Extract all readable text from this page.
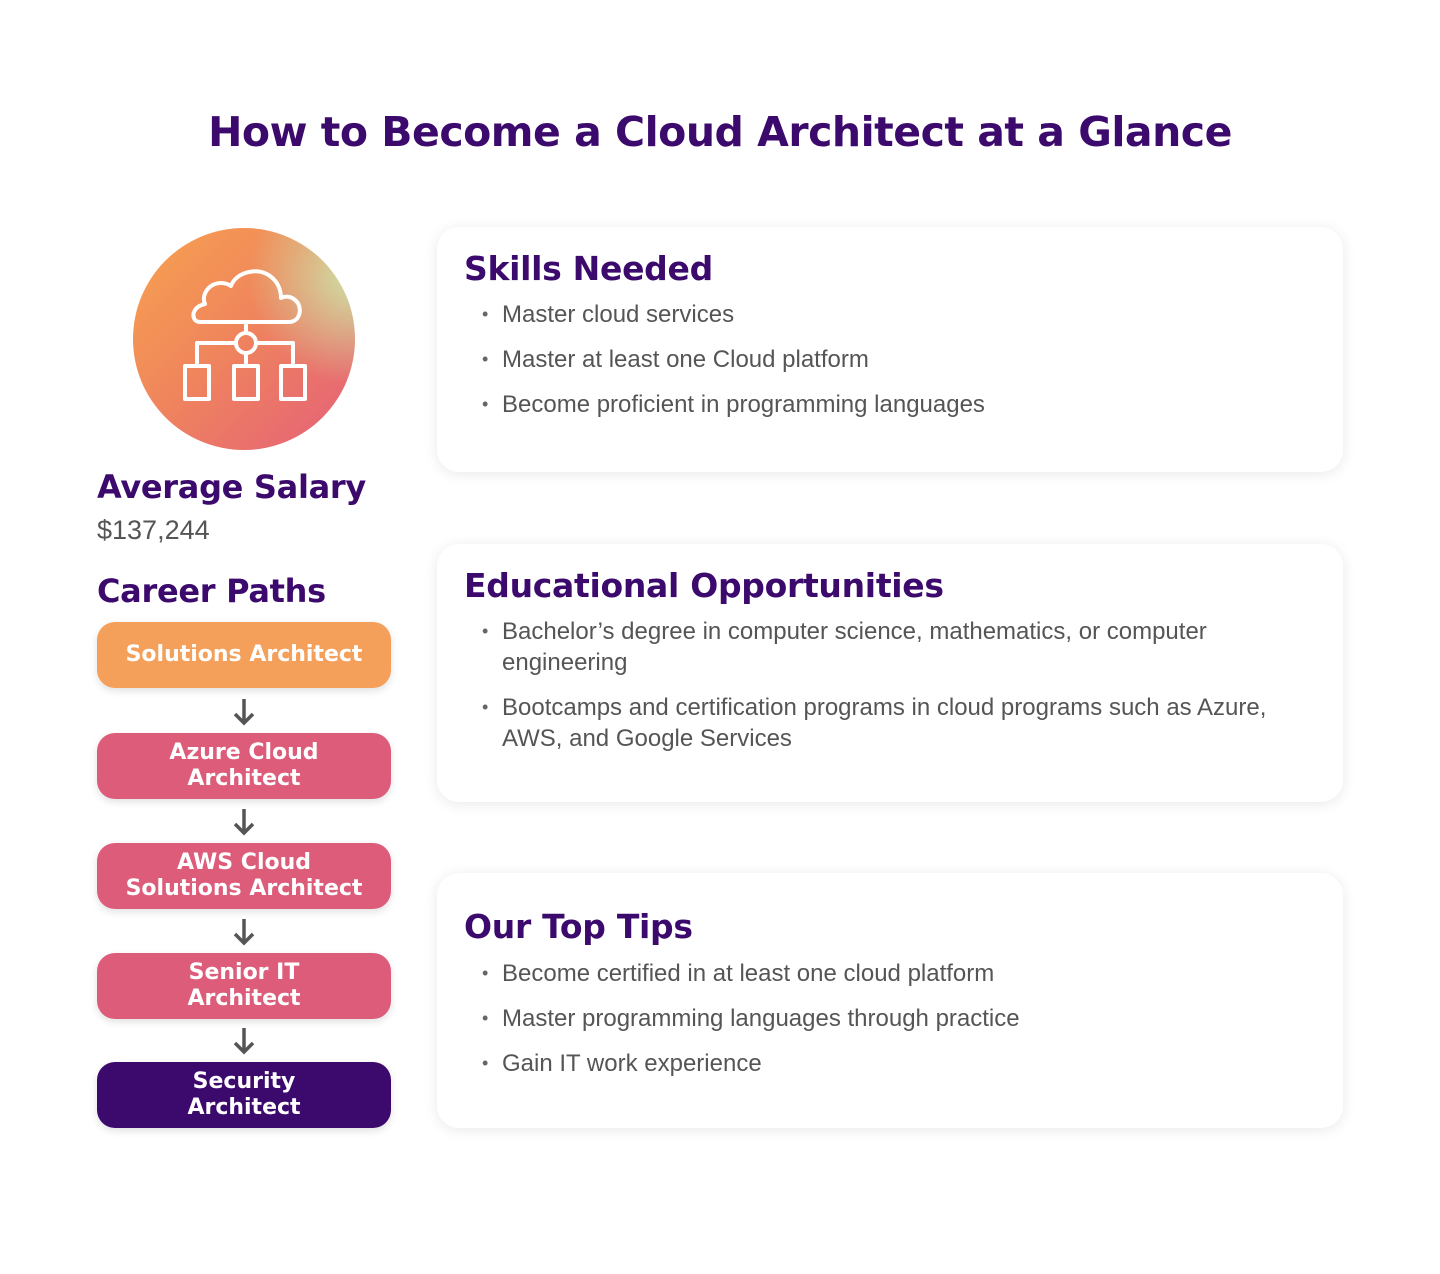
How to Become a Cloud Architect at a Glance
Average Salary
$137,244
Career Paths
Solutions Architect
Azure Cloud
Architect
AWS Cloud
Solutions Architect
Senior IT
Architect
Security
Architect
Skills Needed
• Master cloud services
• Master at least one Cloud platform
• Become proficient in programming languages
Educational Opportunities
• Bachelor’s degree in computer science, mathematics, or computer engineering
• Bootcamps and certification programs in cloud programs such as Azure, AWS, and Google Services
Our Top Tips
• Become certified in at least one cloud platform
• Master programming languages through practice
• Gain IT work experience
